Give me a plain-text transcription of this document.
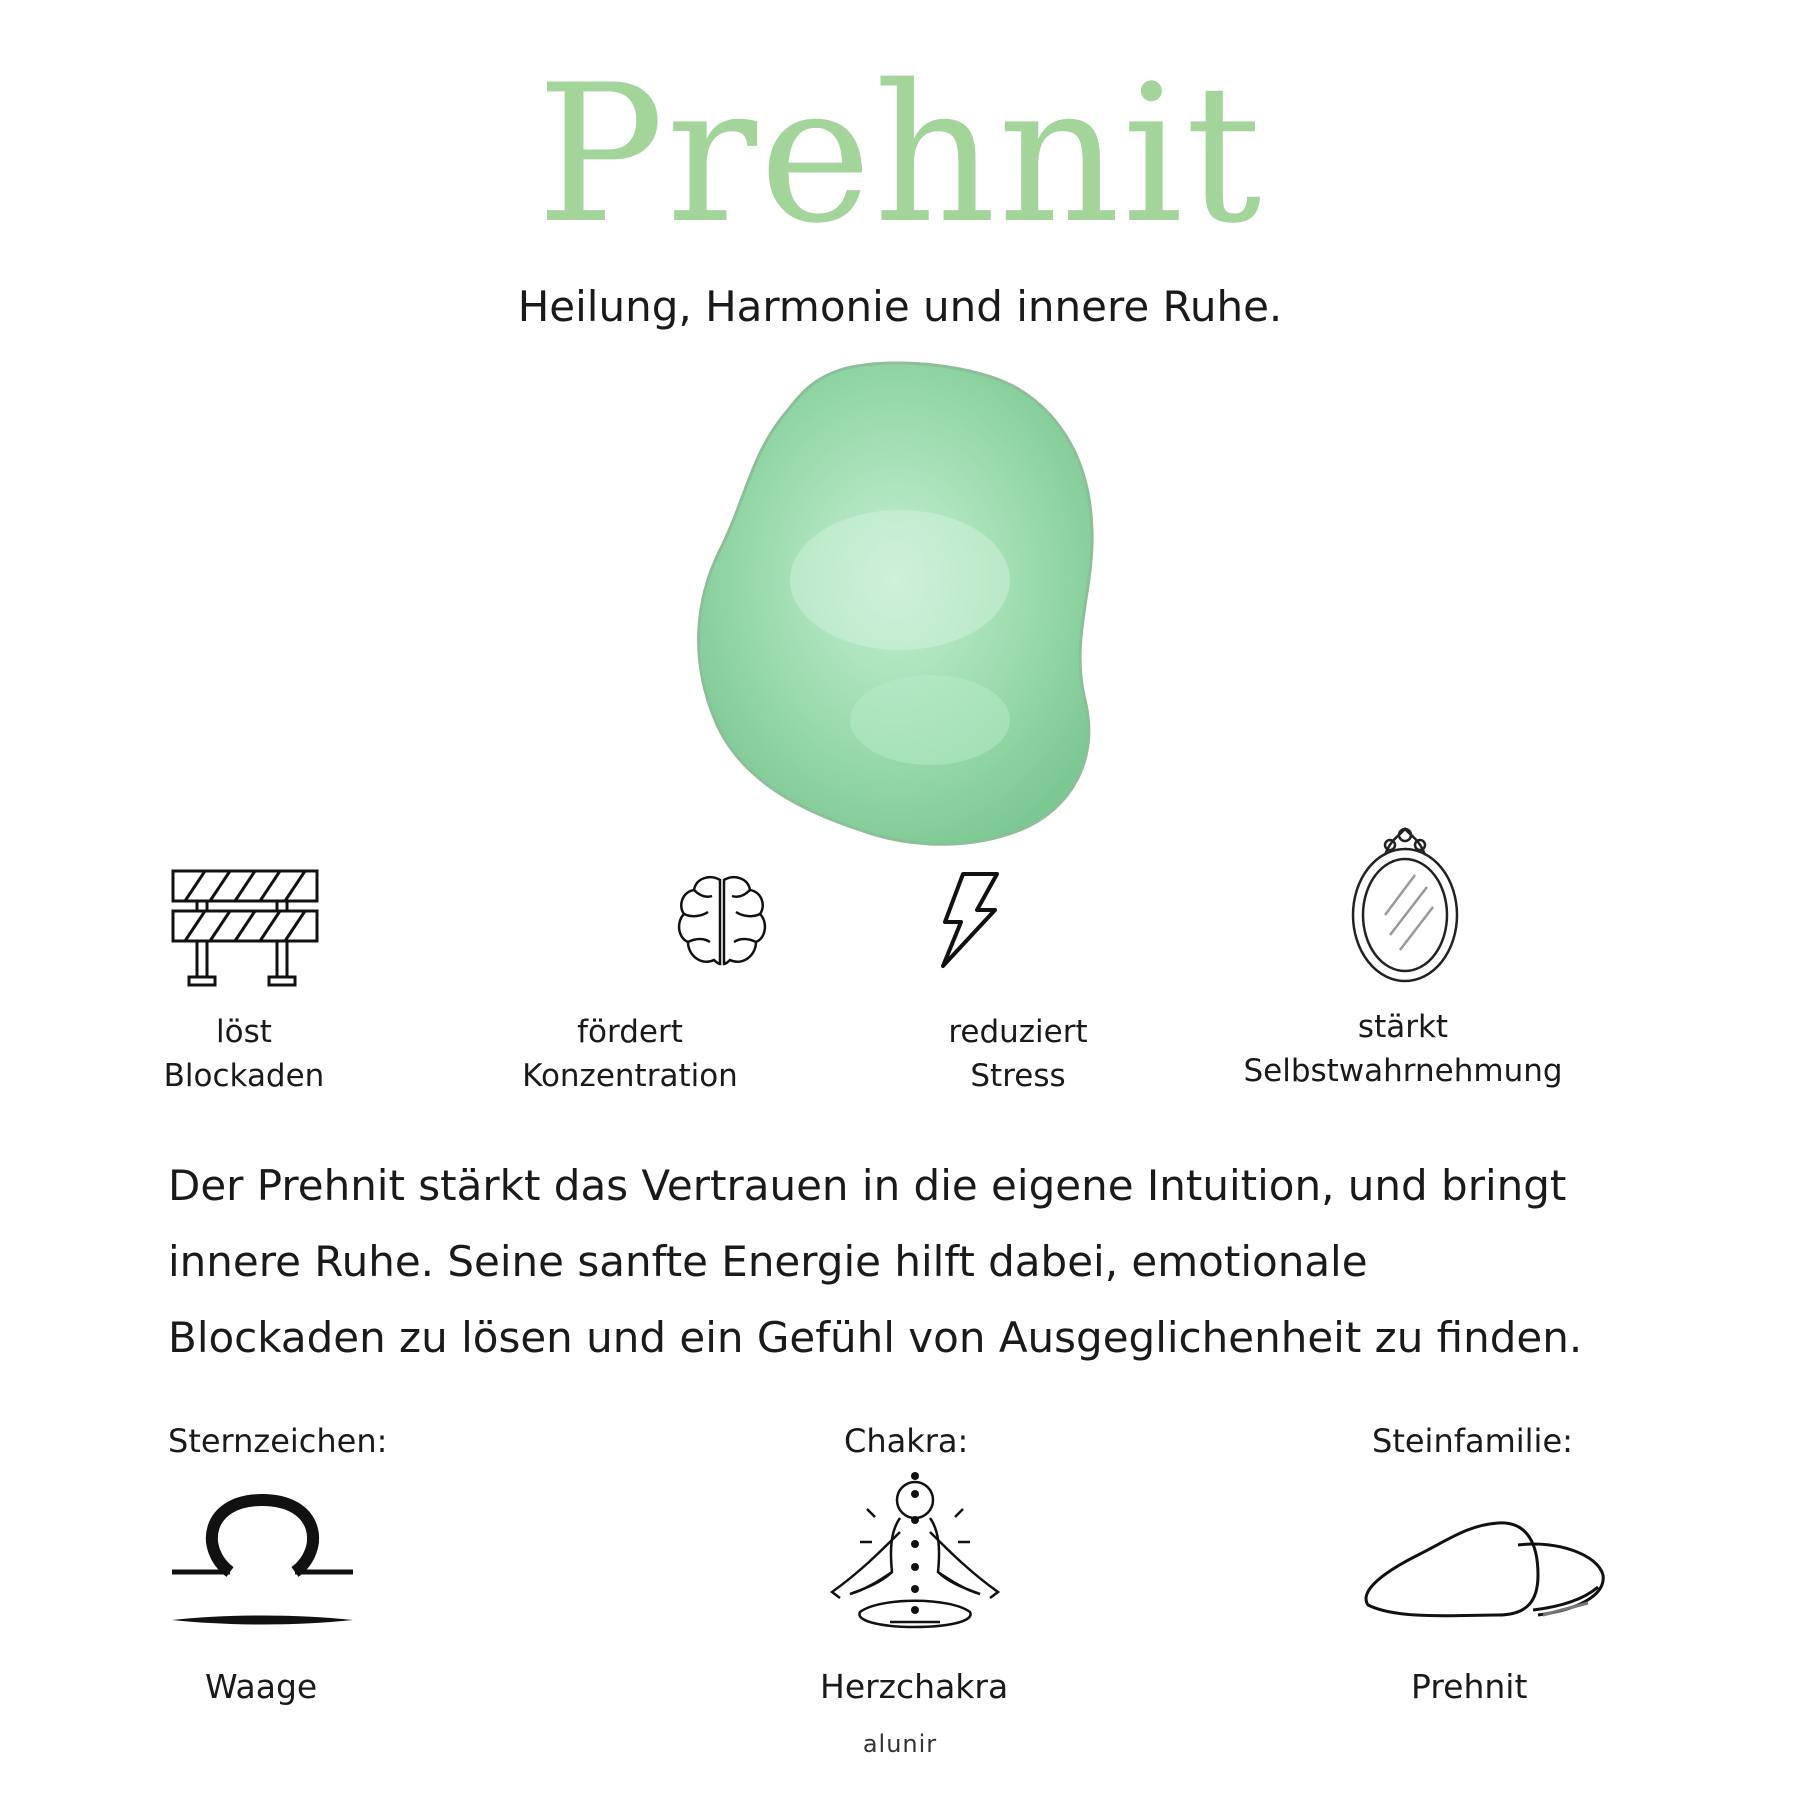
Prehnit
Heilung, Harmonie und innere Ruhe.
löst
Blockaden
fördert
Konzentration
reduziert
Stress
stärkt
Selbstwahrnehmung
Der Prehnit stärkt das Vertrauen in die eigene Intuition, und bringt
innere Ruhe. Seine sanfte Energie hilft dabei, emotionale
Blockaden zu lösen und ein Gefühl von Ausgeglichenheit zu finden.
Sternzeichen:
Waage
Chakra:
Herzchakra
Steinfamilie:
Prehnit
alunir
